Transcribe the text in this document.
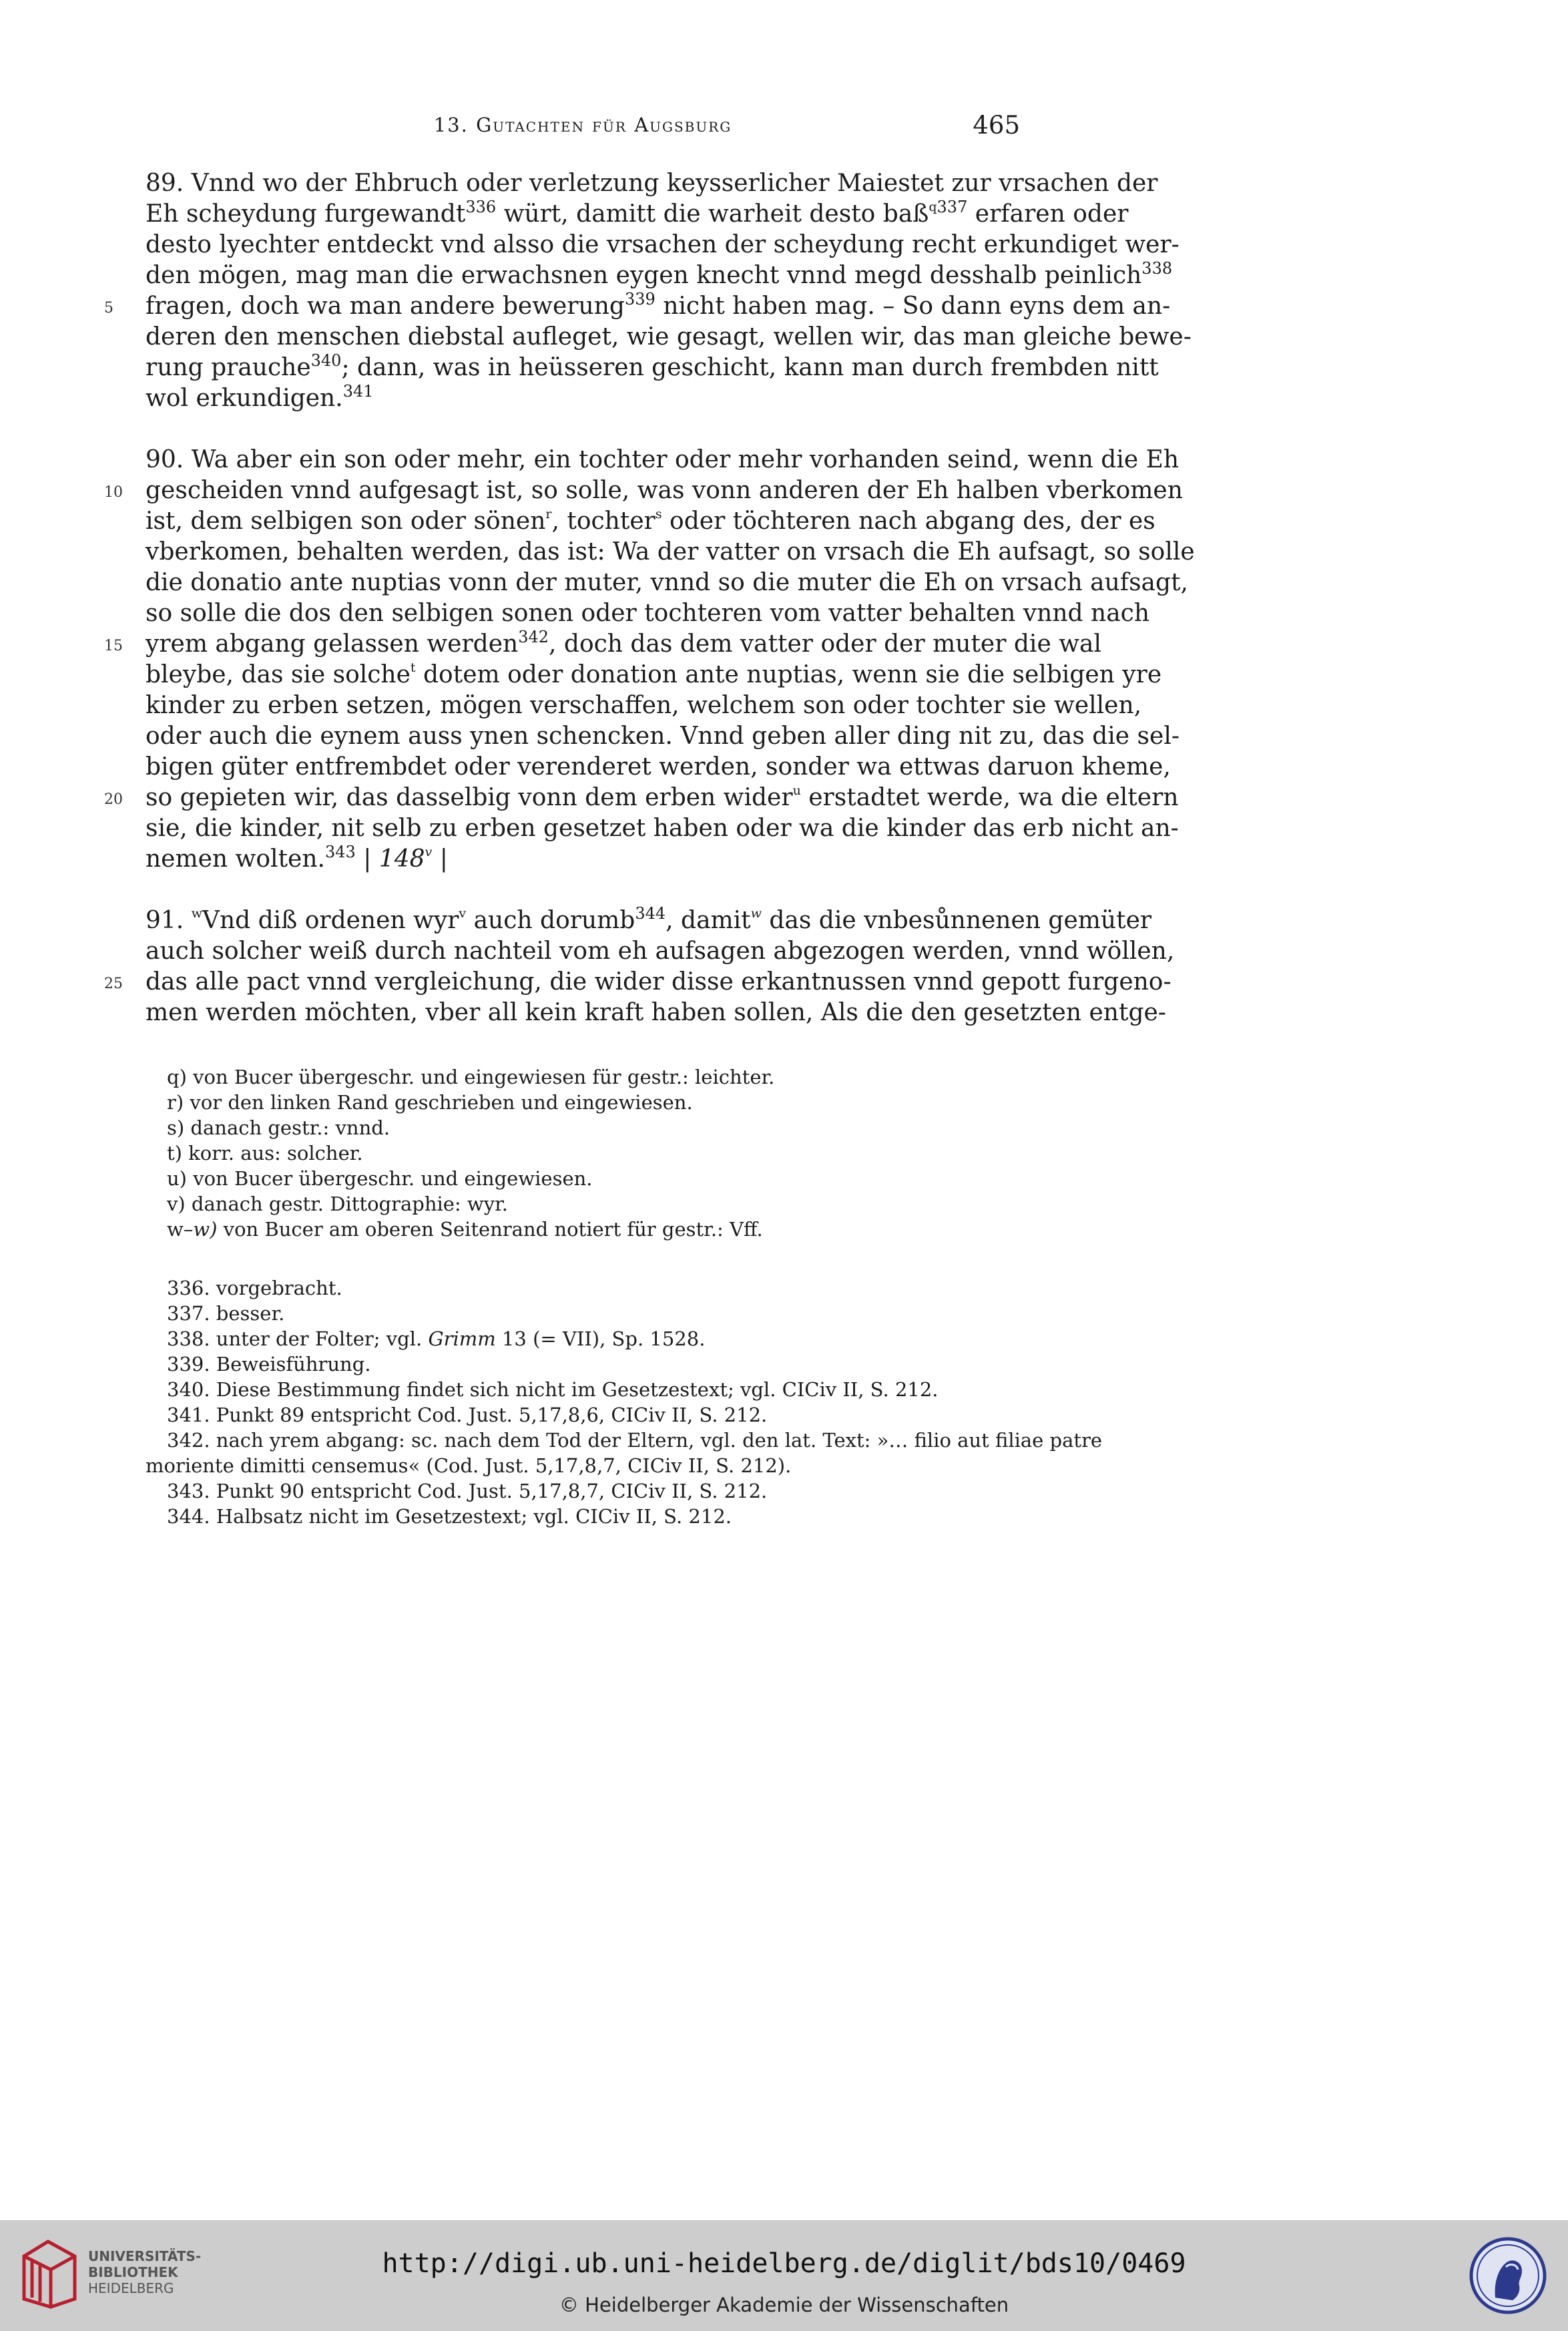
13. Gutachten für Augsburg	465
89. Vnnd wo der Ehbruch oder verletzung keysserlicher Maiestet zur vrsachen der
Eh scheydung furgewandt$^{336}$ würt, damitt die warheit desto baß$^{q337}$ erfaren oder
desto lyechter entdeckt vnd alsso die vrsachen der scheydung recht erkundiget wer-
den mögen, mag man die erwachsnen eygen knecht vnnd megd desshalb peinlich$^{338}$
5 fragen, doch wa man andere bewerung$^{339}$ nicht haben mag. – So dann eyns dem an-
deren den menschen diebstal aufleget, wie gesagt, wellen wir, das man gleiche bewe-
rung prauche$^{340}$; dann, was in heüsseren geschicht, kann man durch frembden nitt
wol erkundigen.$^{341}$
90. Wa aber ein son oder mehr, ein tochter oder mehr vorhanden seind, wenn die Eh
10 gescheiden vnnd aufgesagt ist, so solle, was vonn anderen der Eh halben vberkomen
ist, dem selbigen son oder sönen$^r$, tochter$^s$ oder töchteren nach abgang des, der es
vberkomen, behalten werden, das ist: Wa der vatter on vrsach die Eh aufsagt, so solle
die donatio ante nuptias vonn der muter, vnnd so die muter die Eh on vrsach aufsagt,
so solle die dos den selbigen sonen oder tochteren vom vatter behalten vnnd nach
15 yrem abgang gelassen werden$^{342}$, doch das dem vatter oder der muter die wal
bleybe, das sie solche$^t$ dotem oder donation ante nuptias, wenn sie die selbigen yre
kinder zu erben setzen, mögen verschaffen, welchem son oder tochter sie wellen,
oder auch die eynem auss ynen schencken. Vnnd geben aller ding nit zu, das die sel-
bigen güter entfrembdet oder verenderet werden, sonder wa ettwas daruon kheme,
20 so gepieten wir, das dasselbig vonn dem erben wider$^u$ erstadtet werde, wa die eltern
sie, die kinder, nit selb zu erben gesetzet haben oder wa die kinder das erb nicht an-
nemen wolten.$^{343}$ | 148$^v$ |
91. $^w$Vnd diß ordenen wyr$^v$ auch dorumb$^{344}$, damit$^w$ das die vnbesůnnenen gemüter
auch solcher weiß durch nachteil vom eh aufsagen abgezogen werden, vnnd wöllen,
25 das alle pact vnnd vergleichung, die wider disse erkantnussen vnnd gepott furgeno-
men werden möchten, vber all kein kraft haben sollen, Als die den gesetzten entge-
q) von Bucer übergeschr. und eingewiesen für gestr.: leichter.
r) vor den linken Rand geschrieben und eingewiesen.
s) danach gestr.: vnnd.
t) korr. aus: solcher.
u) von Bucer übergeschr. und eingewiesen.
v) danach gestr. Dittographie: wyr.
w–w) von Bucer am oberen Seitenrand notiert für gestr.: Vff.
336. vorgebracht.
337. besser.
338. unter der Folter; vgl. Grimm 13 (= VII), Sp. 1528.
339. Beweisführung.
340. Diese Bestimmung findet sich nicht im Gesetzestext; vgl. CICiv II, S. 212.
341. Punkt 89 entspricht Cod. Just. 5,17,8,6, CICiv II, S. 212.
342. nach yrem abgang: sc. nach dem Tod der Eltern, vgl. den lat. Text: »… filio aut filiae patre
moriente dimitti censemus« (Cod. Just. 5,17,8,7, CICiv II, S. 212).
343. Punkt 90 entspricht Cod. Just. 5,17,8,7, CICiv II, S. 212.
344. Halbsatz nicht im Gesetzestext; vgl. CICiv II, S. 212.
UNIVERSITÄTS-
BIBLIOTHEK
HEIDELBERG
http://digi.ub.uni-heidelberg.de/diglit/bds10/0469
© Heidelberger Akademie der Wissenschaften
